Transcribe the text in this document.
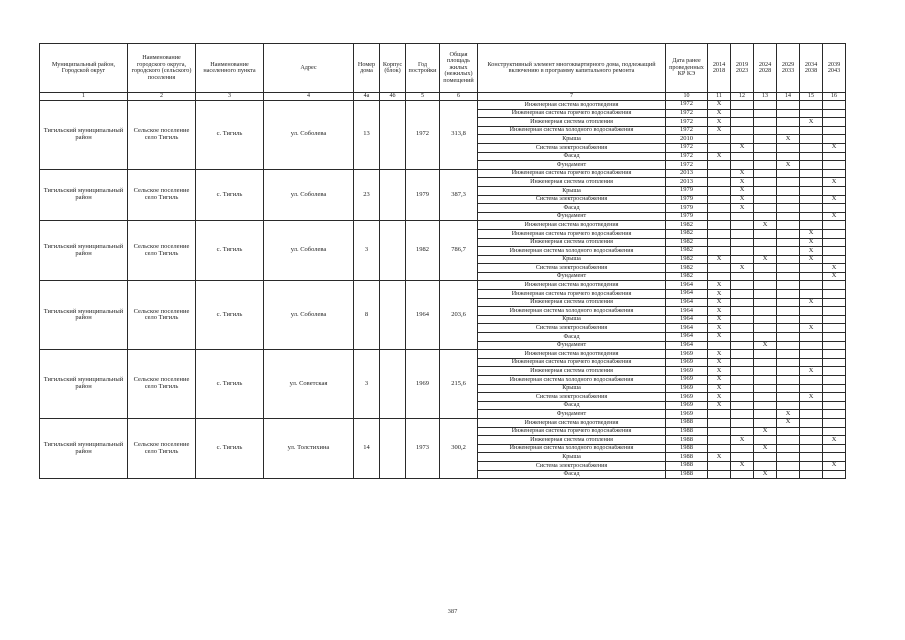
Муниципальный район, Городской округ	Наименование городского округа, городского (сельского) поселения	Наименование населенного пункта	Адрес	Номер дома	Корпус (блок)	Год постройки	Общая площадь жилых (нежилых) помещений	Конструктивный элемент многоквартирного дома, подлежащий включению в программу капитального ремонта	Дата ранее проведенных КР КЭ	2014 2018	2019 2023	2024 2028	2029 2033	2034 2038	2039 2043
1	2	3	4	4а	4б	5	6	7	10	11	12	13	14	15	16
Тигильский муниципальный район	Сельское поселение село Тигиль	с. Тигиль	ул. Соболева	13		1972	313,8	Инженерная система водоотведения	1972	X					
								Инженерная система горячего водоснабжения	1972	X					
								Инженерная система отопления	1972	X				X	
								Инженерная система холодного водоснабжения	1972	X					
								Крыша	2010				X		
								Система электроснабжения	1972		X				X
								Фасад	1972	X					
								Фундамент	1972				X		
Тигильский муниципальный район	Сельское поселение село Тигиль	с. Тигиль	ул. Соболева	23		1979	387,3	Инженерная система горячего водоснабжения	2013		X				
								Инженерная система отопления	2013		X				X
								Крыша	1979		X				
								Система электроснабжения	1979		X				X
								Фасад	1979		X				
								Фундамент	1979						X
Тигильский муниципальный район	Сельское поселение село Тигиль	с. Тигиль	ул. Соболева	3		1982	786,7	Инженерная система водоотведения	1982			X			
								Инженерная система горячего водоснабжения	1982					X	
								Инженерная система отопления	1982					X	
								Инженерная система холодного водоснабжения	1982					X	
								Крыша	1982	X		X		X	
								Система электроснабжения	1982		X				X
								Фундамент	1982						X
Тигильский муниципальный район	Сельское поселение село Тигиль	с. Тигиль	ул. Соболева	8		1964	203,6	Инженерная система водоотведения	1964	X					
								Инженерная система горячего водоснабжения	1964	X					
								Инженерная система отопления	1964	X				X	
								Инженерная система холодного водоснабжения	1964	X					
								Крыша	1964	X					
								Система электроснабжения	1964	X				X	
								Фасад	1964	X					
								Фундамент	1964			X			
Тигильский муниципальный район	Сельское поселение село Тигиль	с. Тигиль	ул. Советская	3		1969	215,6	Инженерная система водоотведения	1969	X					
								Инженерная система горячего водоснабжения	1969	X					
								Инженерная система отопления	1969	X				X	
								Инженерная система холодного водоснабжения	1969	X					
								Крыша	1969	X					
								Система электроснабжения	1969	X				X	
								Фасад	1969	X					
								Фундамент	1969				X		
Тигильский муниципальный район	Сельское поселение село Тигиль	с. Тигиль	ул. Толстихина	14		1973	300,2	Инженерная система водоотведения	1988				X		
								Инженерная система горячего водоснабжения	1988			X			
								Инженерная система отопления	1988		X				X
								Инженерная система холодного водоснабжения	1988			X			
								Крыша	1988	X					
								Система электроснабжения	1988		X				X
								Фасад	1988			X			
387
